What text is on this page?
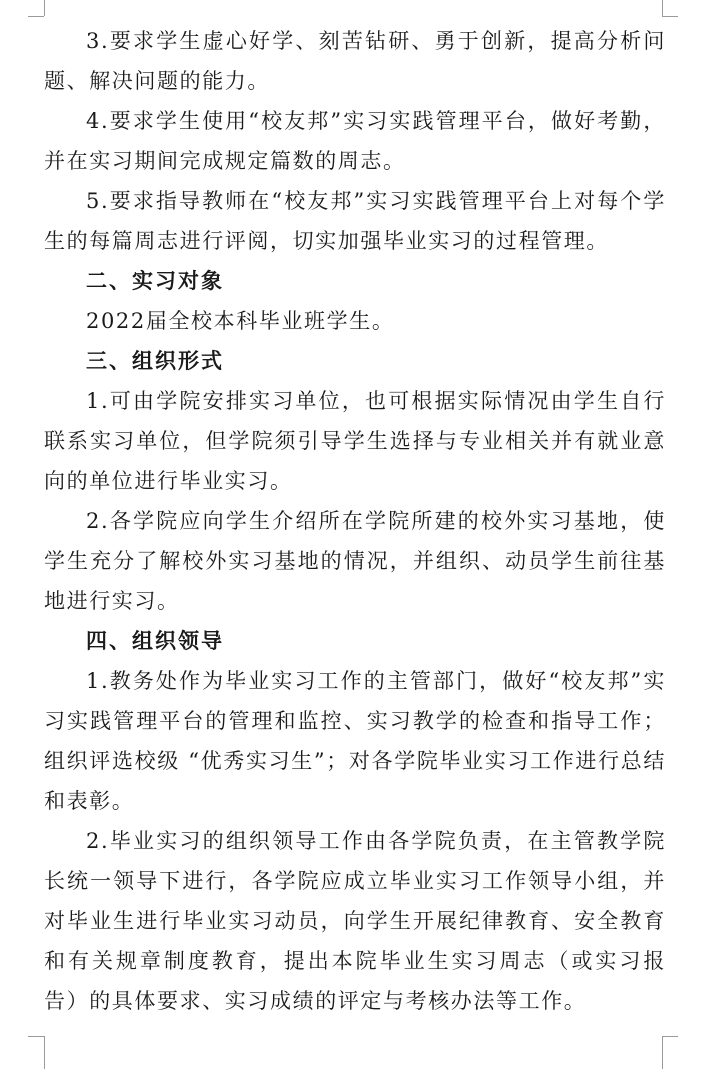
3.要求学生虚心好学、刻苦钻研、勇于创新，提高分析问题、解决问题的能力。

4.要求学生使用“校友邦”实习实践管理平台，做好考勤，并在实习期间完成规定篇数的周志。

5.要求指导教师在“校友邦”实习实践管理平台上对每个学生的每篇周志进行评阅，切实加强毕业实习的过程管理。

二、实习对象

2022届全校本科毕业班学生。

三、组织形式

1.可由学院安排实习单位，也可根据实际情况由学生自行联系实习单位，但学院须引导学生选择与专业相关并有就业意向的单位进行毕业实习。

2.各学院应向学生介绍所在学院所建的校外实习基地，使学生充分了解校外实习基地的情况，并组织、动员学生前往基地进行实习。

四、组织领导

1.教务处作为毕业实习工作的主管部门，做好“校友邦”实习实践管理平台的管理和监控、实习教学的检查和指导工作；组织评选校级 “优秀实习生”；对各学院毕业实习工作进行总结和表彰。

2.毕业实习的组织领导工作由各学院负责，在主管教学院长统一领导下进行，各学院应成立毕业实习工作领导小组，并对毕业生进行毕业实习动员，向学生开展纪律教育、安全教育和有关规章制度教育，提出本院毕业生实习周志（或实习报告）的具体要求、实习成绩的评定与考核办法等工作。
